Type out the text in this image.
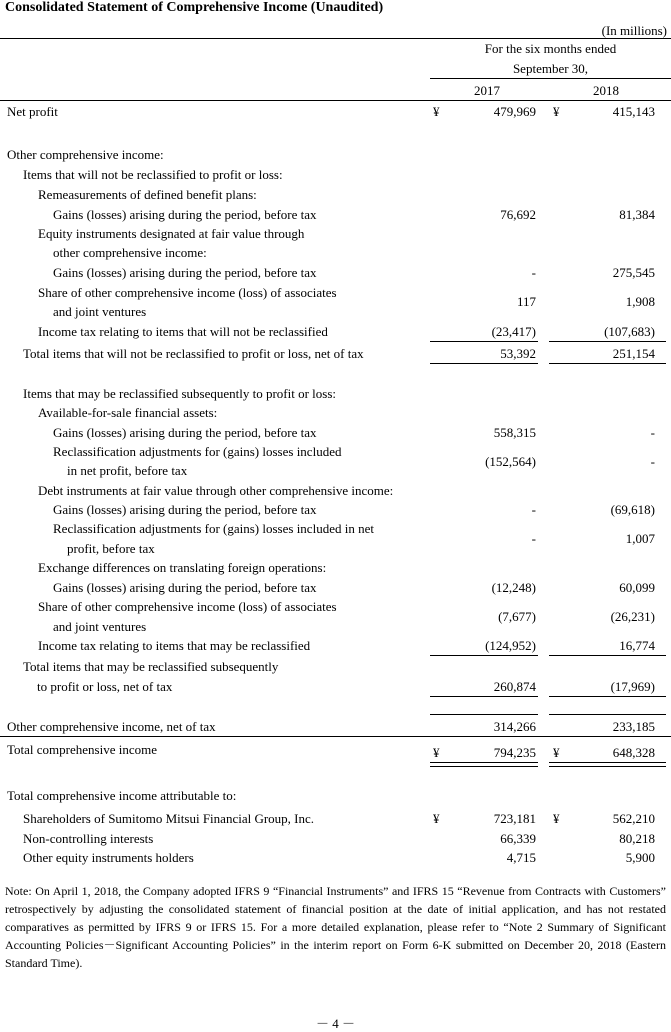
Consolidated Statement of Comprehensive Income (Unaudited)
(In millions)
For the six months ended
September 30,
2017	2018
Net profit	¥	479,969 ¥	415,143
Other comprehensive income:
Items that will not be reclassified to profit or loss:
Remeasurements of defined benefit plans:
Gains (losses) arising during the period, before tax	76,692	81,384
Equity instruments designated at fair value through
other comprehensive income:
Gains (losses) arising during the period, before tax	-	275,545
Share of other comprehensive income (loss) of associates
and joint ventures
117	1,908
Income tax relating to items that will not be reclassified	(23,417)	(107,683)
Total items that will not be reclassified to profit or loss, net of tax	53,392	251,154
Items that may be reclassified subsequently to profit or loss:
Available-for-sale financial assets:
Gains (losses) arising during the period, before tax	558,315	-
Reclassification adjustments for (gains) losses included
in net profit, before tax
(152,564)	-
Debt instruments at fair value through other comprehensive income:
Gains (losses) arising during the period, before tax	-	(69,618)
Reclassification adjustments for (gains) losses included in net
profit, before tax
-	1,007
Exchange differences on translating foreign operations:
Gains (losses) arising during the period, before tax	(12,248)	60,099
Share of other comprehensive income (loss) of associates
and joint ventures
(7,677)	(26,231)
Income tax relating to items that may be reclassified	(124,952)	16,774
Total items that may be reclassified subsequently
to profit or loss, net of tax	260,874	(17,969)
Other comprehensive income, net of tax	314,266	233,185
Total comprehensive income	¥	794,235 ¥	648,328
Total comprehensive income attributable to:
Shareholders of Sumitomo Mitsui Financial Group, Inc.	¥	723,181 ¥	562,210
Non-controlling interests	66,339	80,218
Other equity instruments holders	4,715	5,900
Note: On April 1, 2018, the Company adopted IFRS 9 “Financial Instruments” and IFRS 15 “Revenue from Contracts with Customers” retrospectively by adjusting the consolidated statement of financial position at the date of initial application, and has not restated comparatives as permitted by IFRS 9 or IFRS 15. For a more detailed explanation, please refer to “Note 2 Summary of Significant Accounting Policies－Significant Accounting Policies” in the interim report on Form 6-K submitted on December 20, 2018 (Eastern Standard Time).
－ 4 －
